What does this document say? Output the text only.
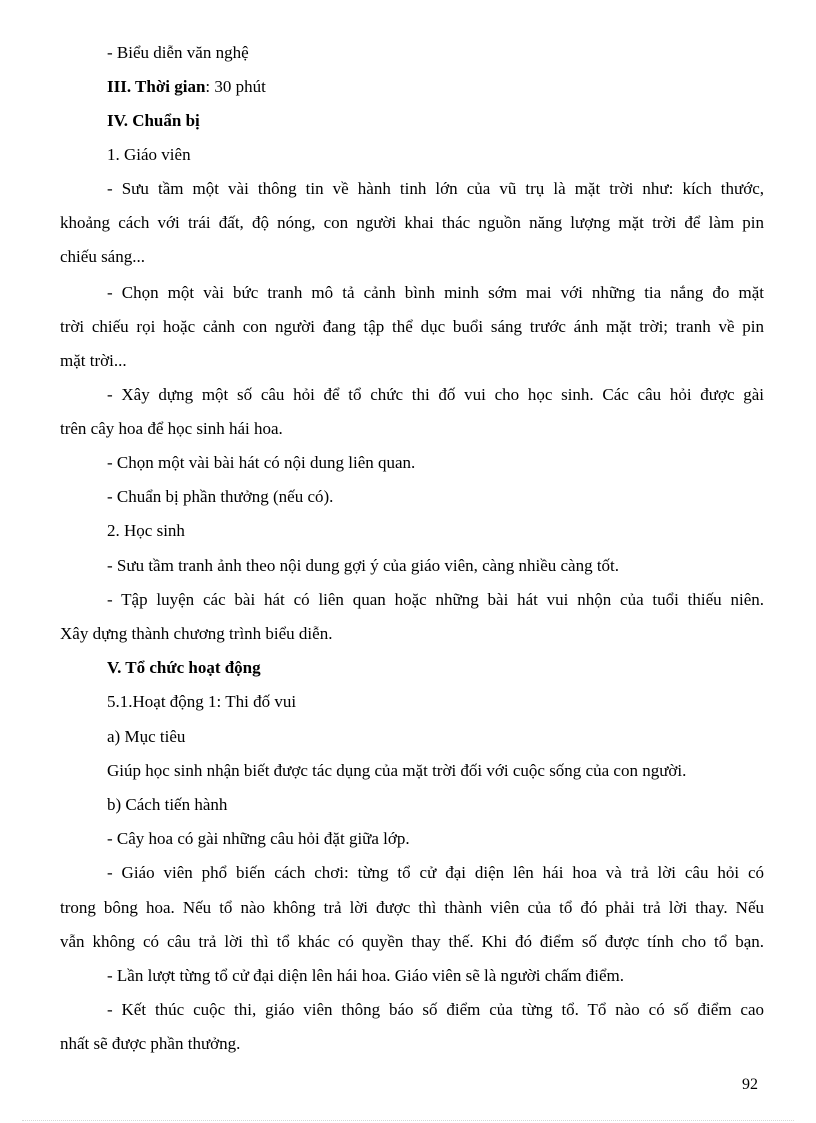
- Biểu diễn văn nghệ
III. Thời gian: 30 phút
IV. Chuẩn bị
1. Giáo viên
- Sưu tầm một vài thông tin về hành tinh lớn của vũ trụ là mặt trời như: kích thước,
khoảng cách với trái đất, độ nóng, con người khai thác nguồn năng lượng mặt trời để làm pin
chiếu sáng...
- Chọn một vài bức tranh mô tả cảnh bình minh sớm mai với những tia nắng đo mặt
trời chiếu rọi hoặc cảnh con người đang tập thể dục buổi sáng trước ánh mặt trời; tranh về pin
mặt trời...
- Xây dựng một số câu hỏi để tổ chức thi đố vui cho học sinh. Các câu hỏi được gài
trên cây hoa để học sinh hái hoa.
- Chọn một vài bài hát có nội dung liên quan.
- Chuẩn bị phần thưởng (nếu có).
2. Học sinh
- Sưu tầm tranh ảnh theo nội dung gợi ý của giáo viên, càng nhiều càng tốt.
- Tập luyện các bài hát có liên quan hoặc những bài hát vui nhộn của tuổi thiếu niên.
Xây dựng thành chương trình biểu diễn.
V. Tổ chức hoạt động
5.1.Hoạt động 1: Thi đố vui
a) Mục tiêu
Giúp học sinh nhận biết được tác dụng của mặt trời đối với cuộc sống của con người.
b) Cách tiến hành
- Cây hoa có gài những câu hỏi đặt giữa lớp.
- Giáo viên phổ biến cách chơi: từng tổ cử đại diện lên hái hoa và trả lời câu hỏi có
trong bông hoa. Nếu tổ nào không trả lời được thì thành viên của tổ đó phải trả lời thay. Nếu
vẫn không có câu trả lời thì tổ khác có quyền thay thế. Khi đó điểm số được tính cho tổ bạn.
- Lần lượt từng tổ cử đại diện lên hái hoa. Giáo viên sẽ là người chấm điểm.
- Kết thúc cuộc thi, giáo viên thông báo số điểm của từng tổ. Tổ nào có số điểm cao
nhất sẽ được phần thưởng.
92
